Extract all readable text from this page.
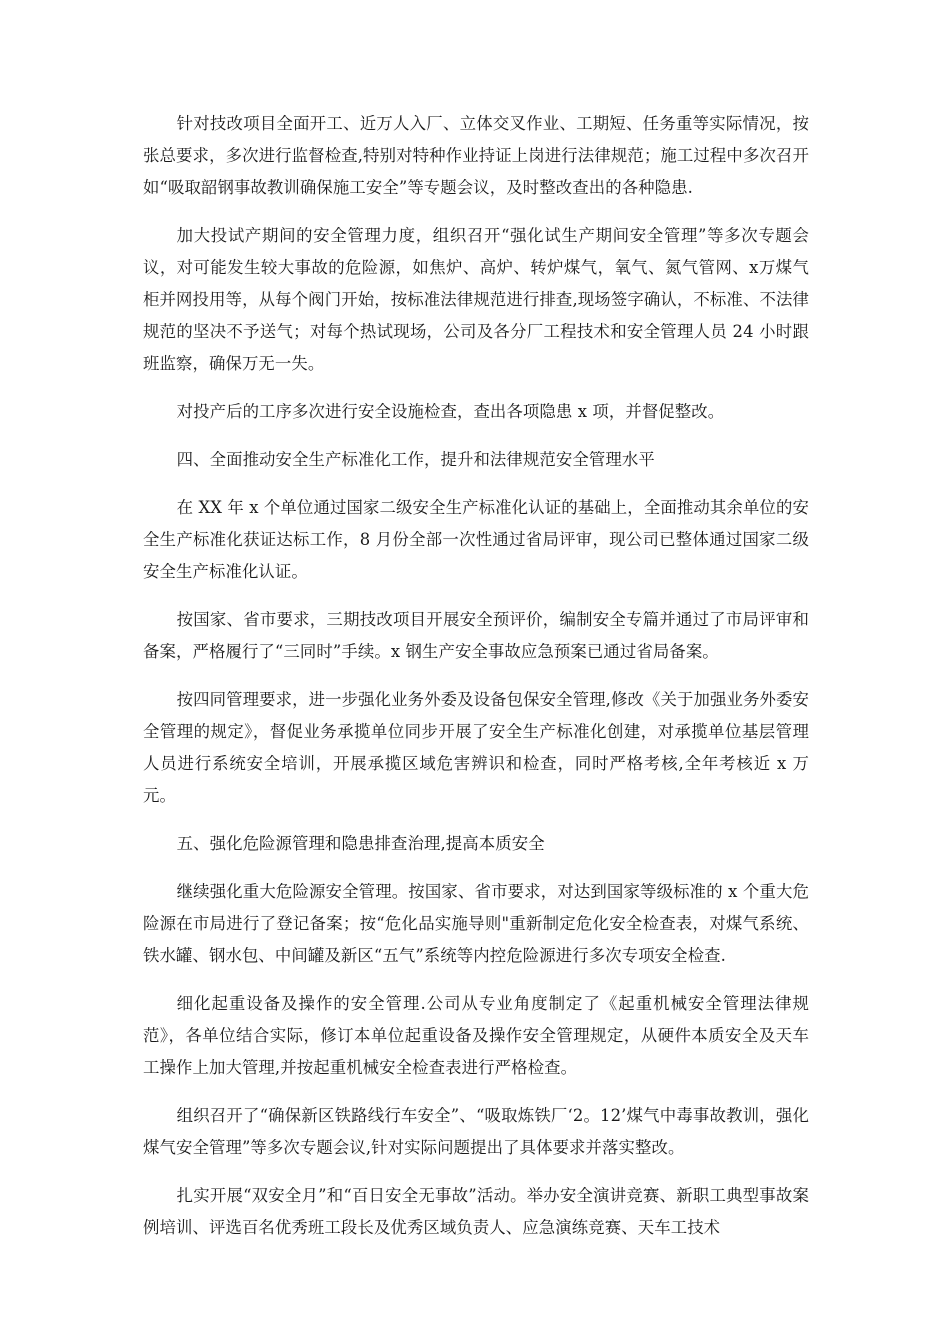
针对技改项目全面开工、近万人入厂、立体交叉作业、工期短、任务重等实际情况，按张总要求，多次进行监督检查,特别对特种作业持证上岗进行法律规范；施工过程中多次召开如“吸取韶钢事故教训确保施工安全”等专题会议，及时整改查出的各种隐患.

加大投试产期间的安全管理力度，组织召开“强化试生产期间安全管理”等多次专题会议，对可能发生较大事故的危险源，如焦炉、高炉、转炉煤气，氧气、氮气管网、x万煤气柜并网投用等，从每个阀门开始，按标准法律规范进行排查,现场签字确认，不标准、不法律规范的坚决不予送气；对每个热试现场，公司及各分厂工程技术和安全管理人员 24 小时跟班监察，确保万无一失。

对投产后的工序多次进行安全设施检查，查出各项隐患 x 项，并督促整改。

四、全面推动安全生产标准化工作，提升和法律规范安全管理水平

在 XX 年 x 个单位通过国家二级安全生产标准化认证的基础上，全面推动其余单位的安全生产标准化获证达标工作，8 月份全部一次性通过省局评审，现公司已整体通过国家二级安全生产标准化认证。

按国家、省市要求，三期技改项目开展安全预评价，编制安全专篇并通过了市局评审和备案，严格履行了“三同时”手续。x 钢生产安全事故应急预案已通过省局备案。

按四同管理要求，进一步强化业务外委及设备包保安全管理,修改《关于加强业务外委安全管理的规定》，督促业务承揽单位同步开展了安全生产标准化创建，对承揽单位基层管理人员进行系统安全培训，开展承揽区域危害辨识和检查，同时严格考核,全年考核近 x 万元。

五、强化危险源管理和隐患排查治理,提高本质安全

继续强化重大危险源安全管理。按国家、省市要求，对达到国家等级标准的 x 个重大危险源在市局进行了登记备案；按“危化品实施导则"重新制定危化安全检查表，对煤气系统、铁水罐、钢水包、中间罐及新区“五气”系统等内控危险源进行多次专项安全检查.

细化起重设备及操作的安全管理.公司从专业角度制定了《起重机械安全管理法律规范》，各单位结合实际，修订本单位起重设备及操作安全管理规定，从硬件本质安全及天车工操作上加大管理,并按起重机械安全检查表进行严格检查。

组织召开了“确保新区铁路线行车安全”、“吸取炼铁厂‘2。12’煤气中毒事故教训，强化煤气安全管理”等多次专题会议,针对实际问题提出了具体要求并落实整改。

扎实开展“双安全月”和“百日安全无事故”活动。举办安全演讲竞赛、新职工典型事故案例培训、评选百名优秀班工段长及优秀区域负责人、应急演练竞赛、天车工技术
